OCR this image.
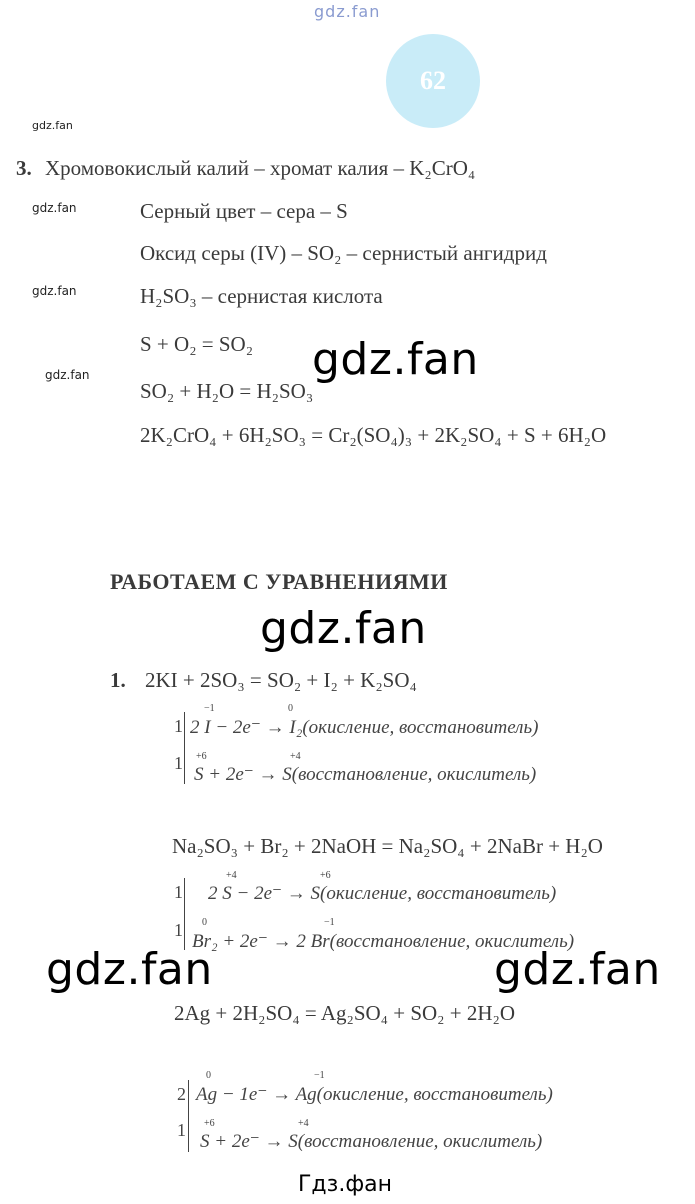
gdz.fan
gdz.fan
gdz.fan
gdz.fan
gdz.fan
62
3. Хромовокислый калий – хромат калия – K₂CrO₄
Серный цвет – сера – S
Оксид серы (IV) – SO₂ – сернистый ангидрид
H₂SO₃ – сернистая кислота
S + O₂ = SO₂ gdz.fan
SO₂ + H₂O = H₂SO₃
2K₂CrO₄ + 6H₂SO₃ = Cr₂(SO₄)₃ + 2K₂SO₄ + S + 6H₂O
РАБОТАЕМ С УРАВНЕНИЯМИ
gdz.fan
1. 2KI + 2SO₃ = SO₂ + I₂ + K₂SO₄
1
1
−1	0
2 I − 2e⁻ → I₂(окисление, восстановитель)
+6	+4
S + 2e⁻ → S(восстановление, окислитель)
Na₂SO₃ + Br₂ + 2NaOH = Na₂SO₄ + 2NaBr + H₂O
1
1
+4	+6
2 S − 2e⁻ → S(окисление, восстановитель)
0	−1
Br₂ + 2e⁻ → 2 Br(восстановление, окислитель)
gdz.fan	gdz.fan
2Ag + 2H₂SO₄ = Ag₂SO₄ + SO₂ + 2H₂O
2
1
0	−1
Ag − 1e⁻ → Ag(окисление, восстановитель)
+6	+4
S + 2e⁻ → S(восстановление, окислитель)
Гдз.фан
